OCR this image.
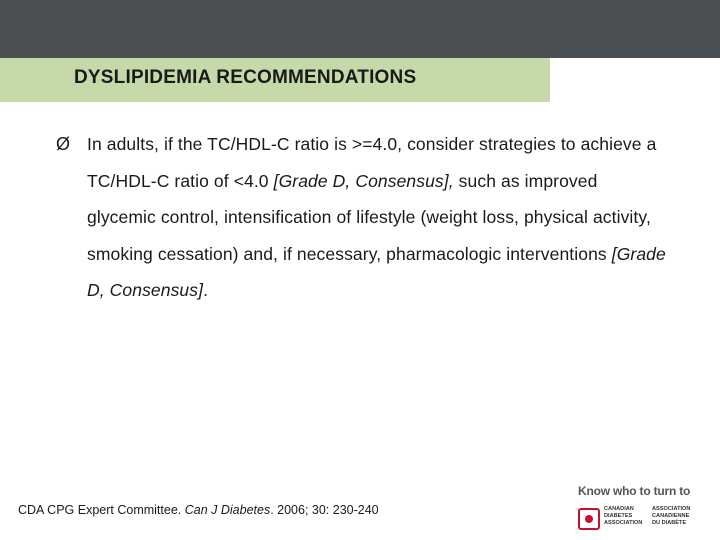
DYSLIPIDEMIA RECOMMENDATIONS
Ø In adults, if the TC/HDL-C ratio is >=4.0, consider strategies to achieve a TC/HDL-C ratio of <4.0 [Grade D, Consensus], such as improved glycemic control, intensification of lifestyle (weight loss, physical activity, smoking cessation) and, if necessary, pharmacologic interventions [Grade D, Consensus].
CDA CPG Expert Committee. Can J Diabetes. 2006; 30: 230-240
Know who to turn to
CANADIAN
DIABETES
ASSOCIATION
ASSOCIATION
CANADIENNE
DU DIABÈTE
